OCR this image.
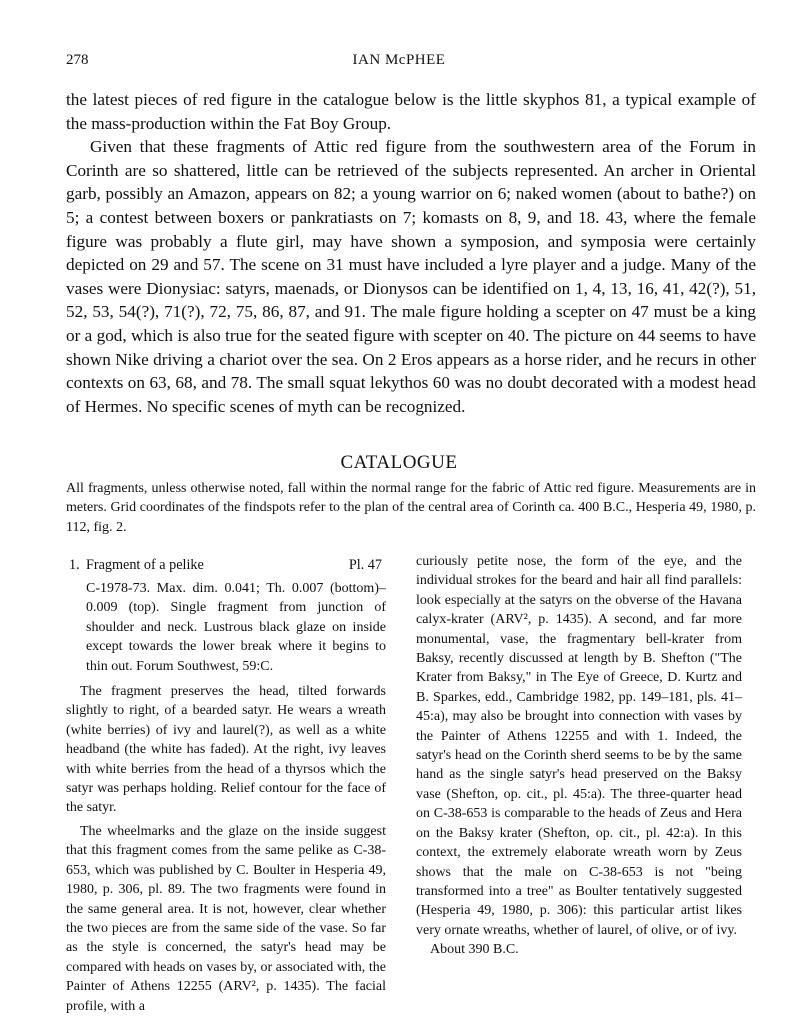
278	IAN McPHEE

the latest pieces of red figure in the catalogue below is the little skyphos 81, a typical example of the mass-production within the Fat Boy Group.

Given that these fragments of Attic red figure from the southwestern area of the Forum in Corinth are so shattered, little can be retrieved of the subjects represented. An archer in Oriental garb, possibly an Amazon, appears on 82; a young warrior on 6; naked women (about to bathe?) on 5; a contest between boxers or pankratiasts on 7; komasts on 8, 9, and 18. 43, where the female figure was probably a flute girl, may have shown a symposion, and symposia were certainly depicted on 29 and 57. The scene on 31 must have included a lyre player and a judge. Many of the vases were Dionysiac: satyrs, maenads, or Dionysos can be identified on 1, 4, 13, 16, 41, 42(?), 51, 52, 53, 54(?), 71(?), 72, 75, 86, 87, and 91. The male figure holding a scepter on 47 must be a king or a god, which is also true for the seated figure with scepter on 40. The picture on 44 seems to have shown Nike driving a chariot over the sea. On 2 Eros appears as a horse rider, and he recurs in other contexts on 63, 68, and 78. The small squat lekythos 60 was no doubt decorated with a modest head of Hermes. No specific scenes of myth can be recognized.

CATALOGUE
All fragments, unless otherwise noted, fall within the normal range for the fabric of Attic red figure. Measurements are in meters. Grid coordinates of the findspots refer to the plan of the central area of Corinth ca. 400 B.C., Hesperia 49, 1980, p. 112, fig. 2.
1. Fragment of a pelike	Pl. 47
C-1978-73. Max. dim. 0.041; Th. 0.007 (bottom)–0.009 (top). Single fragment from junction of shoulder and neck. Lustrous black glaze on inside except towards the lower break where it begins to thin out. Forum Southwest, 59:C.

The fragment preserves the head, tilted forwards slightly to right, of a bearded satyr. He wears a wreath (white berries) of ivy and laurel(?), as well as a white headband (the white has faded). At the right, ivy leaves with white berries from the head of a thyrsos which the satyr was perhaps holding. Relief contour for the face of the satyr.

The wheelmarks and the glaze on the inside suggest that this fragment comes from the same pelike as C-38-653, which was published by C. Boulter in Hesperia 49, 1980, p. 306, pl. 89. The two fragments were found in the same general area. It is not, however, clear whether the two pieces are from the same side of the vase. So far as the style is concerned, the satyr's head may be compared with heads on vases by, or associated with, the Painter of Athens 12255 (ARV², p. 1435). The facial profile, with a

curiously petite nose, the form of the eye, and the individual strokes for the beard and hair all find parallels: look especially at the satyrs on the obverse of the Havana calyx-krater (ARV², p. 1435). A second, and far more monumental, vase, the fragmentary bell-krater from Baksy, recently discussed at length by B. Shefton ("The Krater from Baksy," in The Eye of Greece, D. Kurtz and B. Sparkes, edd., Cambridge 1982, pp. 149–181, pls. 41–45:a), may also be brought into connection with vases by the Painter of Athens 12255 and with 1. Indeed, the satyr's head on the Corinth sherd seems to be by the same hand as the single satyr's head preserved on the Baksy vase (Shefton, op. cit., pl. 45:a). The three-quarter head on C-38-653 is comparable to the heads of Zeus and Hera on the Baksy krater (Shefton, op. cit., pl. 42:a). In this context, the extremely elaborate wreath worn by Zeus shows that the male on C-38-653 is not "being transformed into a tree" as Boulter tentatively suggested (Hesperia 49, 1980, p. 306): this particular artist likes very ornate wreaths, whether of laurel, of olive, or of ivy.

About 390 B.C.
